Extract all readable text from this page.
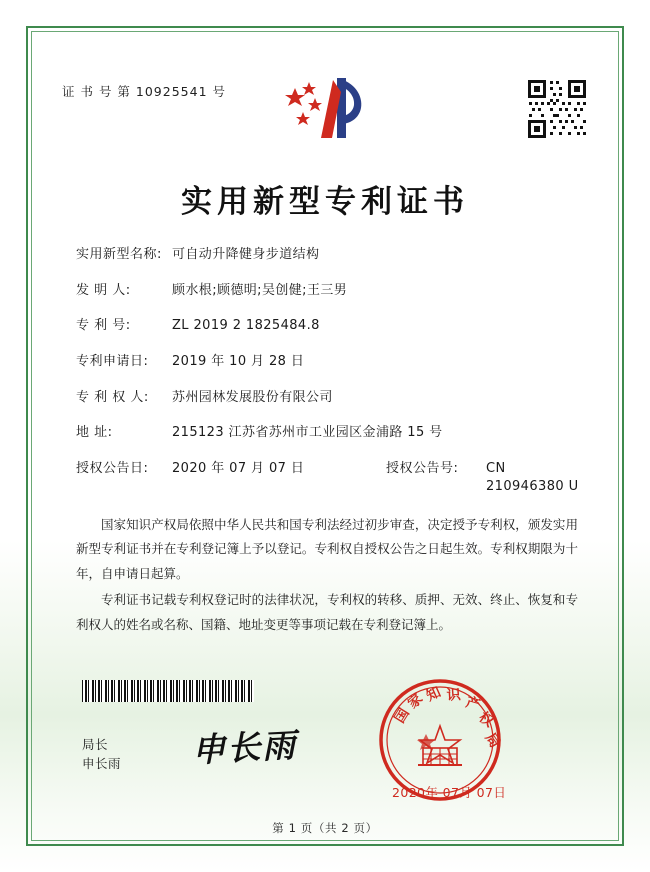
证 书 号 第 10925541 号
实用新型专利证书
实用新型名称: 可自动升降健身步道结构
发 明 人:	顾水根;顾德明;吴创健;王三男
专 利 号:	ZL 2019 2 1825484.8
专利申请日:	2019 年 10 月 28 日
专 利 权 人:	苏州园林发展股份有限公司
地 址:	215123 江苏省苏州市工业园区金浦路 15 号
授权公告日:	2020 年 07 月 07 日	授权公告号:	CN 210946380 U

国家知识产权局依照中华人民共和国专利法经过初步审查，决定授予专利权，颁发实用新型专利证书并在专利登记簿上予以登记。专利权自授权公告之日起生效。专利权期限为十年，自申请日起算。

专利证书记载专利权登记时的法律状况，专利权的转移、质押、无效、终止、恢复和专利权人的姓名或名称、国籍、地址变更等事项记载在专利登记簿上。

局长
申长雨 申长雨
国
家
知 识 产
权
局
2020年 07月 07日
第 1 页（共 2 页）
